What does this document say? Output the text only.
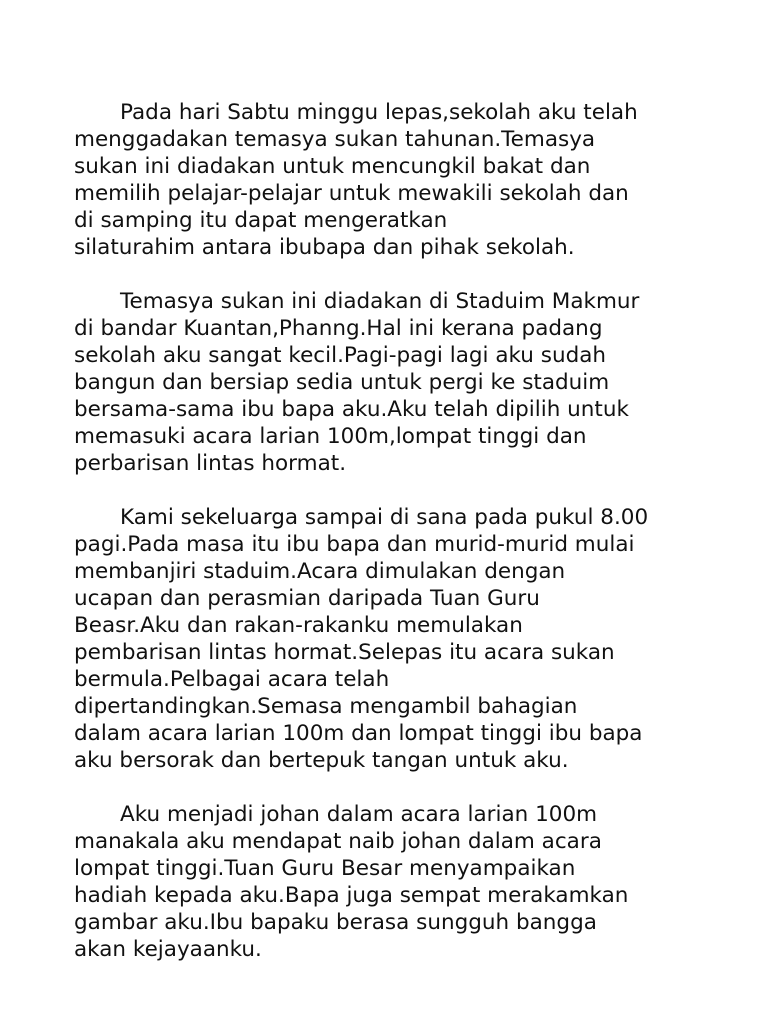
Pada hari Sabtu minggu lepas,sekolah aku telah
menggadakan temasya sukan tahunan.Temasya
sukan ini diadakan untuk mencungkil bakat dan
memilih pelajar-pelajar untuk mewakili sekolah dan
di samping itu dapat mengeratkan
silaturahim antara ibubapa dan pihak sekolah.

Temasya sukan ini diadakan di Staduim Makmur
di bandar Kuantan,Phanng.Hal ini kerana padang
sekolah aku sangat kecil.Pagi-pagi lagi aku sudah
bangun dan bersiap sedia untuk pergi ke staduim
bersama-sama ibu bapa aku.Aku telah dipilih untuk
memasuki acara larian 100m,lompat tinggi dan
perbarisan lintas hormat.

Kami sekeluarga sampai di sana pada pukul 8.00
pagi.Pada masa itu ibu bapa dan murid-murid mulai
membanjiri staduim.Acara dimulakan dengan
ucapan dan perasmian daripada Tuan Guru
Beasr.Aku dan rakan-rakanku memulakan
pembarisan lintas hormat.Selepas itu acara sukan
bermula.Pelbagai acara telah
dipertandingkan.Semasa mengambil bahagian
dalam acara larian 100m dan lompat tinggi ibu bapa
aku bersorak dan bertepuk tangan untuk aku.

Aku menjadi johan dalam acara larian 100m
manakala aku mendapat naib johan dalam acara
lompat tinggi.Tuan Guru Besar menyampaikan
hadiah kepada aku.Bapa juga sempat merakamkan
gambar aku.Ibu bapaku berasa sungguh bangga
akan kejayaanku.
